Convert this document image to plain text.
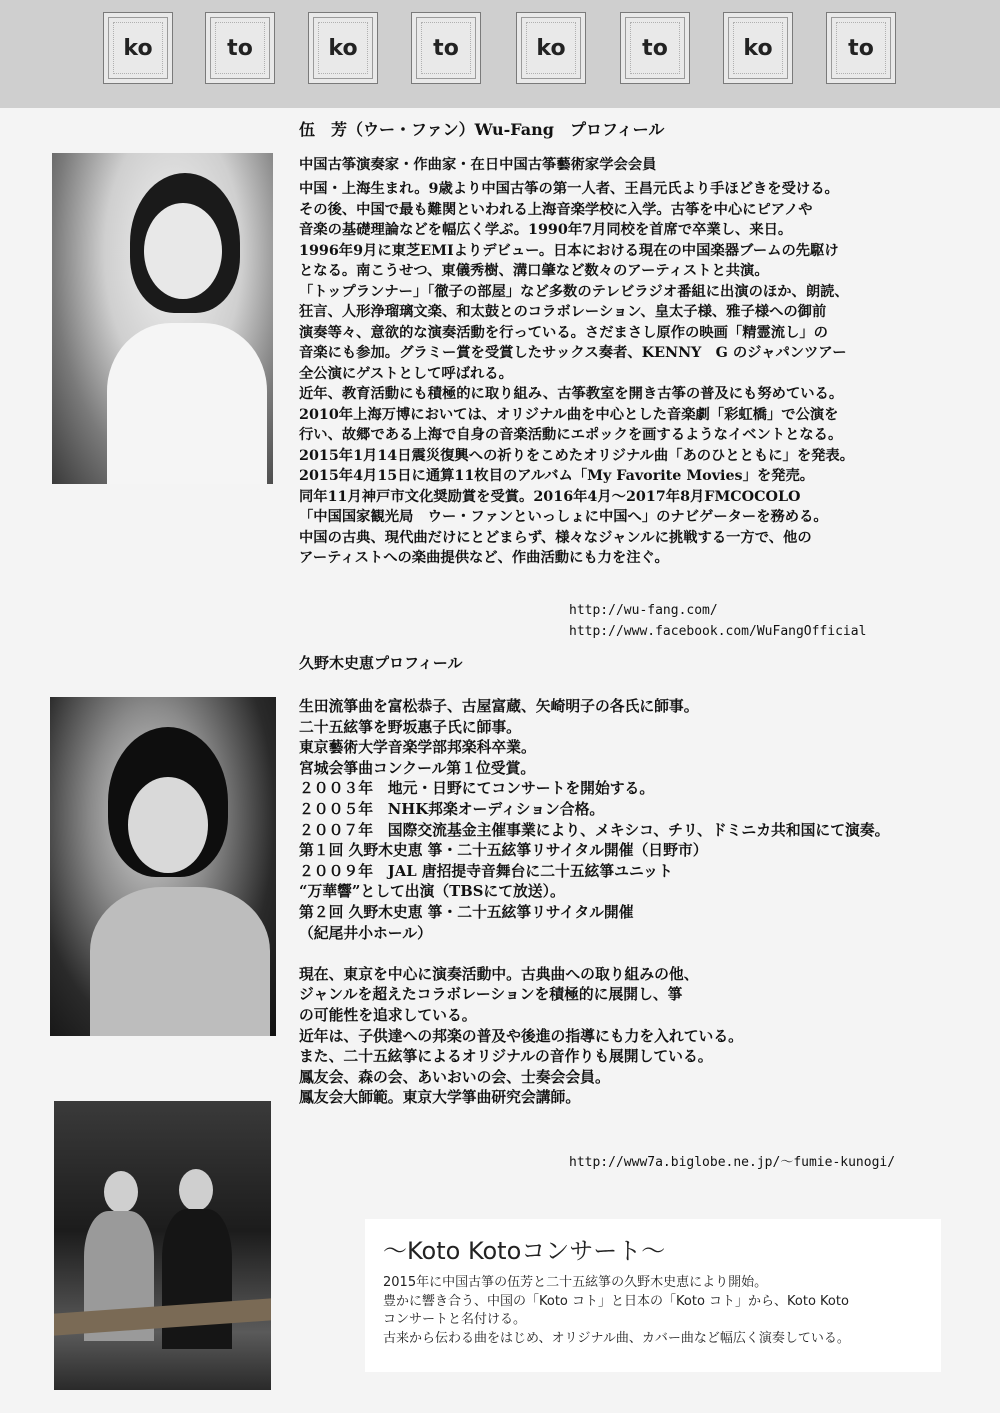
ko	to	ko	to	ko	to	ko	to
伍　芳（ウー・ファン）Wu-Fang　プロフィール
中国古筝演奏家・作曲家・在日中国古筝藝術家学会会員
中国・上海生まれ。9歳より中国古筝の第一人者、王昌元氏より手ほどきを受ける。
その後、中国で最も難関といわれる上海音楽学校に入学。古筝を中心にピアノや
音楽の基礎理論などを幅広く学ぶ。1990年7月同校を首席で卒業し、来日。
1996年9月に東芝EMIよりデビュー。日本における現在の中国楽器ブームの先駆け
となる。南こうせつ、東儀秀樹、溝口肇など数々のアーティストと共演。
「トップランナー」「徹子の部屋」など多数のテレビラジオ番組に出演のほか、朗読、
狂言、人形浄瑠璃文楽、和太鼓とのコラボレーション、皇太子様、雅子様への御前
演奏等々、意欲的な演奏活動を行っている。さだまさし原作の映画「精霊流し」の
音楽にも参加。グラミー賞を受賞したサックス奏者、KENNY　G のジャパンツアー
全公演にゲストとして呼ばれる。
近年、教育活動にも積極的に取り組み、古筝教室を開き古筝の普及にも努めている。
2010年上海万博においては、オリジナル曲を中心とした音楽劇「彩虹橋」で公演を
行い、故郷である上海で自身の音楽活動にエポックを画するようなイベントとなる。
2015年1月14日震災復興への祈りをこめたオリジナル曲「あのひとともに」を発表。
2015年4月15日に通算11枚目のアルバム「My Favorite Movies」を発売。
同年11月神戸市文化奨励賞を受賞。2016年4月～2017年8月FMCOCOLO
「中国国家観光局　ウー・ファンといっしょに中国へ」のナビゲーターを務める。
中国の古典、現代曲だけにとどまらず、様々なジャンルに挑戦する一方で、他の
アーティストへの楽曲提供など、作曲活動にも力を注ぐ。
http://wu-fang.com/
http://www.facebook.com/WuFangOfficial
久野木史恵プロフィール
生田流箏曲を富松恭子、古屋富蔵、矢崎明子の各氏に師事。
二十五絃箏を野坂惠子氏に師事。
東京藝術大学音楽学部邦楽科卒業。
宮城会箏曲コンクール第１位受賞。
２００３年　地元・日野にてコンサートを開始する。
２００５年　NHK邦楽オーディション合格。
２００７年　国際交流基金主催事業により、メキシコ、チリ、ドミニカ共和国にて演奏。
第１回 久野木史恵 箏・二十五絃箏リサイタル開催（日野市）
２００９年　JAL 唐招提寺音舞台に二十五絃箏ユニット
“万華響”として出演（TBSにて放送）。
第２回 久野木史恵 箏・二十五絃箏リサイタル開催
（紀尾井小ホール）
現在、東京を中心に演奏活動中。古典曲への取り組みの他、
ジャンルを超えたコラボレーションを積極的に展開し、箏
の可能性を追求している。
近年は、子供達への邦楽の普及や後進の指導にも力を入れている。
また、二十五絃箏によるオリジナルの音作りも展開している。
鳳友会、森の会、あいおいの会、士奏会会員。
鳳友会大師範。東京大学箏曲研究会講師。
http://www7a.biglobe.ne.jp/～fumie-kunogi/
～Koto Kotoコンサート～
2015年に中国古箏の伍芳と二十五絃箏の久野木史恵により開始。
豊かに響き合う、中国の「Koto コト」と日本の「Koto コト」から、Koto Koto
コンサートと名付ける。
古来から伝わる曲をはじめ、オリジナル曲、カバー曲など幅広く演奏している。
